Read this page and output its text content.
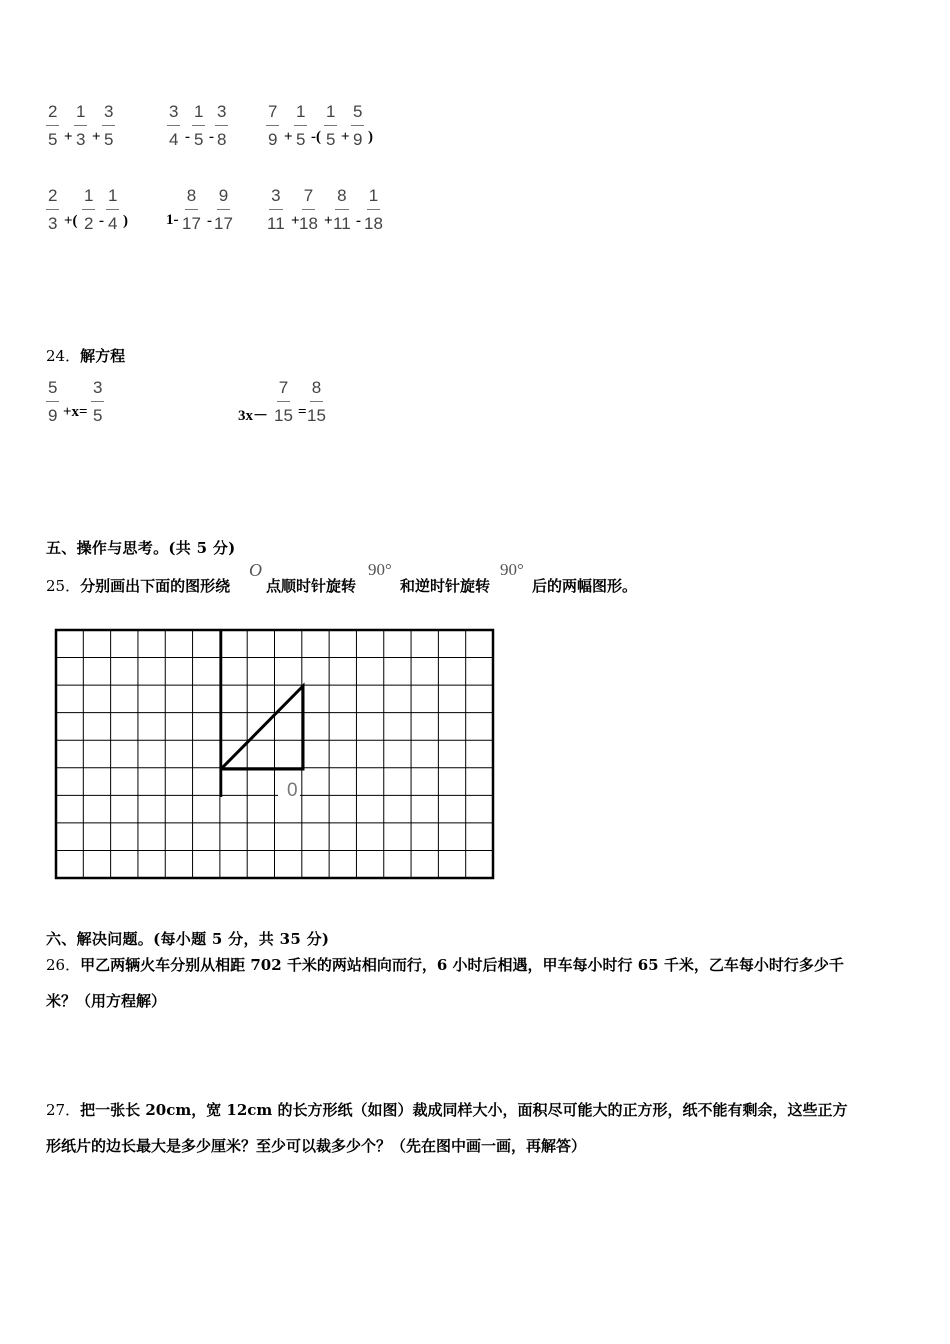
$\frac{2}{5} + \frac{1}{3} + \frac{3}{5}$	$\frac{3}{4} - \frac{1}{5} - \frac{3}{8} \frac{7}{9} + \frac{1}{5}$ -( $\frac{1}{5} + \frac{5}{9}$ )
$\frac{2}{3}$ +( $\frac{1}{2} - \frac{1}{4}$ )	$1- \frac{8}{17} - \frac{9}{17} \frac{3}{11} + \frac{7}{18} + \frac{8}{11} - \frac{1}{18}$
24．解方程
$\frac{5}{9} +x= \frac{3}{5}$	$3x- \frac{7}{15} = \frac{8}{15}$
五、操作与思考。(共 5 分)
25．分别画出下面的图形绕
O
点顺时针旋转
90°
和逆时针旋转
90°
后的两幅图形。
0
六、解决问题。(每小题 5 分，共 35 分)
26．甲乙两辆火车分别从相距 702 千米的两站相向而行，6 小时后相遇，甲车每小时行 65 千米，乙车每小时行多少千
米？（用方程解）
27．把一张长 20cm，宽 12cm 的长方形纸（如图）裁成同样大小，面积尽可能大的正方形，纸不能有剩余，这些正方
形纸片的边长最大是多少厘米？至少可以裁多少个？（先在图中画一画，再解答）
